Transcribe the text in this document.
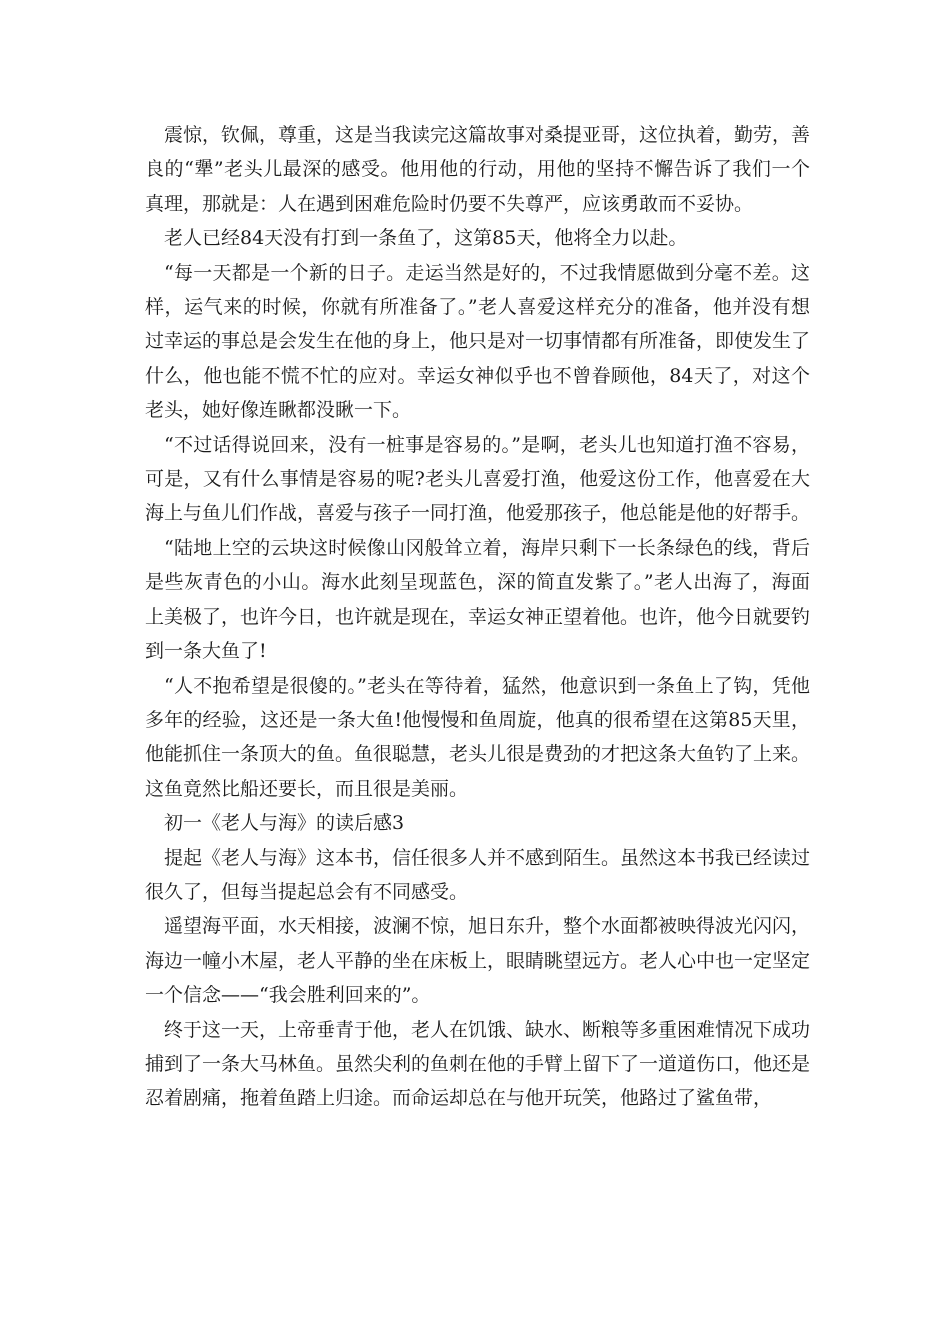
震惊，钦佩，尊重，这是当我读完这篇故事对桑提亚哥，这位执着，勤劳，善良的“犟”老头儿最深的感受。他用他的行动，用他的坚持不懈告诉了我们一个真理，那就是：人在遇到困难危险时仍要不失尊严，应该勇敢而不妥协。

老人已经84天没有打到一条鱼了，这第85天，他将全力以赴。

“每一天都是一个新的日子。走运当然是好的，不过我情愿做到分毫不差。这样，运气来的时候，你就有所准备了。”老人喜爱这样充分的准备，他并没有想过幸运的事总是会发生在他的身上，他只是对一切事情都有所准备，即使发生了什么，他也能不慌不忙的应对。幸运女神似乎也不曾眷顾他，84天了，对这个老头，她好像连瞅都没瞅一下。

“不过话得说回来，没有一桩事是容易的。”是啊，老头儿也知道打渔不容易，可是，又有什么事情是容易的呢?老头儿喜爱打渔，他爱这份工作，他喜爱在大海上与鱼儿们作战，喜爱与孩子一同打渔，他爱那孩子，他总能是他的好帮手。

“陆地上空的云块这时候像山冈般耸立着，海岸只剩下一长条绿色的线，背后是些灰青色的小山。海水此刻呈现蓝色，深的简直发紫了。”老人出海了，海面上美极了，也许今日，也许就是现在，幸运女神正望着他。也许，他今日就要钓到一条大鱼了!

“人不抱希望是很傻的。”老头在等待着，猛然，他意识到一条鱼上了钩，凭他多年的经验，这还是一条大鱼!他慢慢和鱼周旋，他真的很希望在这第85天里，他能抓住一条顶大的鱼。鱼很聪慧，老头儿很是费劲的才把这条大鱼钓了上来。这鱼竟然比船还要长，而且很是美丽。

初一《老人与海》的读后感3

提起《老人与海》这本书，信任很多人并不感到陌生。虽然这本书我已经读过很久了，但每当提起总会有不同感受。

遥望海平面，水天相接，波澜不惊，旭日东升，整个水面都被映得波光闪闪，海边一幢小木屋，老人平静的坐在床板上，眼睛眺望远方。老人心中也一定坚定一个信念——“我会胜利回来的”。

终于这一天，上帝垂青于他，老人在饥饿、缺水、断粮等多重困难情况下成功捕到了一条大马林鱼。虽然尖利的鱼刺在他的手臂上留下了一道道伤口，他还是忍着剧痛，拖着鱼踏上归途。而命运却总在与他开玩笑，他路过了鲨鱼带，
